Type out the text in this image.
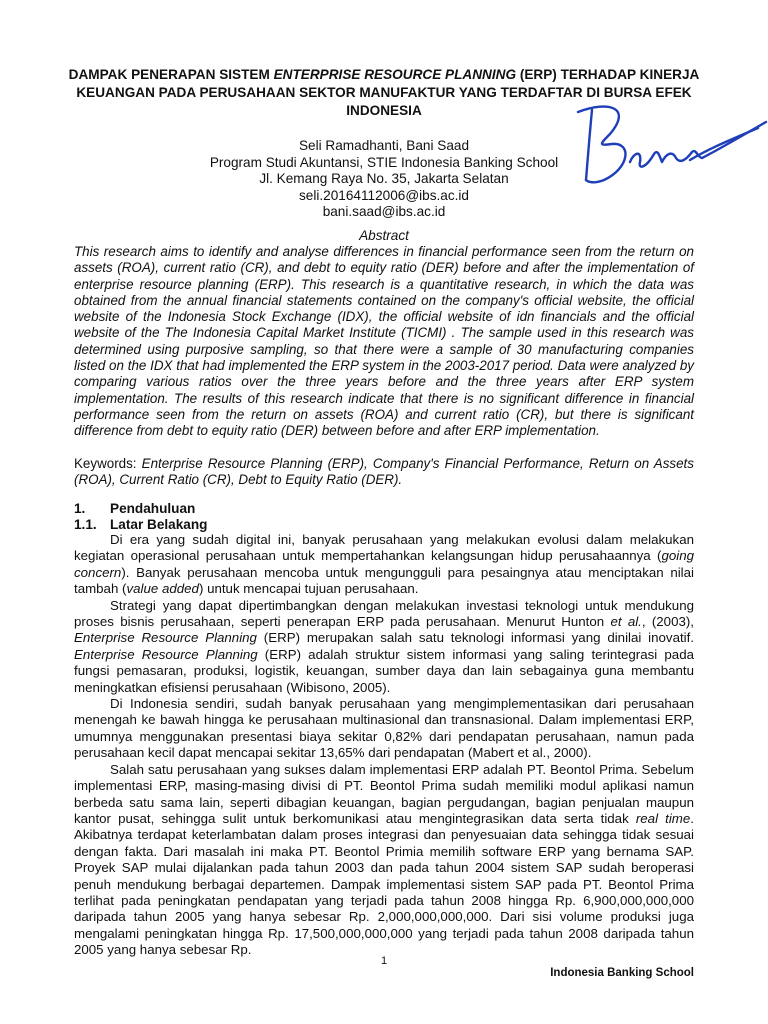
DAMPAK PENERAPAN SISTEM ENTERPRISE RESOURCE PLANNING (ERP) TERHADAP KINERJA KEUANGAN PADA PERUSAHAAN SEKTOR MANUFAKTUR YANG TERDAFTAR DI BURSA EFEK INDONESIA
Seli Ramadhanti, Bani Saad
Program Studi Akuntansi, STIE Indonesia Banking School
Jl. Kemang Raya No. 35, Jakarta Selatan
seli.20164112006@ibs.ac.id
bani.saad@ibs.ac.id
Abstract

This research aims to identify and analyse differences in financial performance seen from the return on assets (ROA), current ratio (CR), and debt to equity ratio (DER) before and after the implementation of enterprise resource planning (ERP). This research is a quantitative research, in which the data was obtained from the annual financial statements contained on the company's official website, the official website of the Indonesia Stock Exchange (IDX), the official website of idn financials and the official website of the The Indonesia Capital Market Institute (TICMI) . The sample used in this research was determined using purposive sampling, so that there were a sample of 30 manufacturing companies listed on the IDX that had implemented the ERP system in the 2003-2017 period. Data were analyzed by comparing various ratios over the three years before and the three years after ERP system implementation. The results of this research indicate that there is no significant difference in financial performance seen from the return on assets (ROA) and current ratio (CR), but there is significant difference from debt to equity ratio (DER) between before and after ERP implementation.

Keywords: Enterprise Resource Planning (ERP), Company's Financial Performance, Return on Assets (ROA), Current Ratio (CR), Debt to Equity Ratio (DER).
1. Pendahuluan
1.1. Latar Belakang

Di era yang sudah digital ini, banyak perusahaan yang melakukan evolusi dalam melakukan kegiatan operasional perusahaan untuk mempertahankan kelangsungan hidup perusahaannya (going concern). Banyak perusahaan mencoba untuk mengungguli para pesaingnya atau menciptakan nilai tambah (value added) untuk mencapai tujuan perusahaan.

Strategi yang dapat dipertimbangkan dengan melakukan investasi teknologi untuk mendukung proses bisnis perusahaan, seperti penerapan ERP pada perusahaan. Menurut Hunton et al., (2003), Enterprise Resource Planning (ERP) merupakan salah satu teknologi informasi yang dinilai inovatif. Enterprise Resource Planning (ERP) adalah struktur sistem informasi yang saling terintegrasi pada fungsi pemasaran, produksi, logistik, keuangan, sumber daya dan lain sebagainya guna membantu meningkatkan efisiensi perusahaan (Wibisono, 2005).

Di Indonesia sendiri, sudah banyak perusahaan yang mengimplementasikan dari perusahaan menengah ke bawah hingga ke perusahaan multinasional dan transnasional. Dalam implementasi ERP, umumnya menggunakan presentasi biaya sekitar 0,82% dari pendapatan perusahaan, namun pada perusahaan kecil dapat mencapai sekitar 13,65% dari pendapatan (Mabert et al., 2000).

Salah satu perusahaan yang sukses dalam implementasi ERP adalah PT. Beontol Prima. Sebelum implementasi ERP, masing-masing divisi di PT. Beontol Prima sudah memiliki modul aplikasi namun berbeda satu sama lain, seperti dibagian keuangan, bagian pergudangan, bagian penjualan maupun kantor pusat, sehingga sulit untuk berkomunikasi atau mengintegrasikan data serta tidak real time. Akibatnya terdapat keterlambatan dalam proses integrasi dan penyesuaian data sehingga tidak sesuai dengan fakta. Dari masalah ini maka PT. Beontol Primia memilih software ERP yang bernama SAP. Proyek SAP mulai dijalankan pada tahun 2003 dan pada tahun 2004 sistem SAP sudah beroperasi penuh mendukung berbagai departemen. Dampak implementasi sistem SAP pada PT. Beontol Prima terlihat pada peningkatan pendapatan yang terjadi pada tahun 2008 hingga Rp. 6,900,000,000,000 daripada tahun 2005 yang hanya sebesar Rp. 2,000,000,000,000. Dari sisi volume produksi juga mengalami peningkatan hingga Rp. 17,500,000,000,000 yang terjadi pada tahun 2008 daripada tahun 2005 yang hanya sebesar Rp.

1
Indonesia Banking School
